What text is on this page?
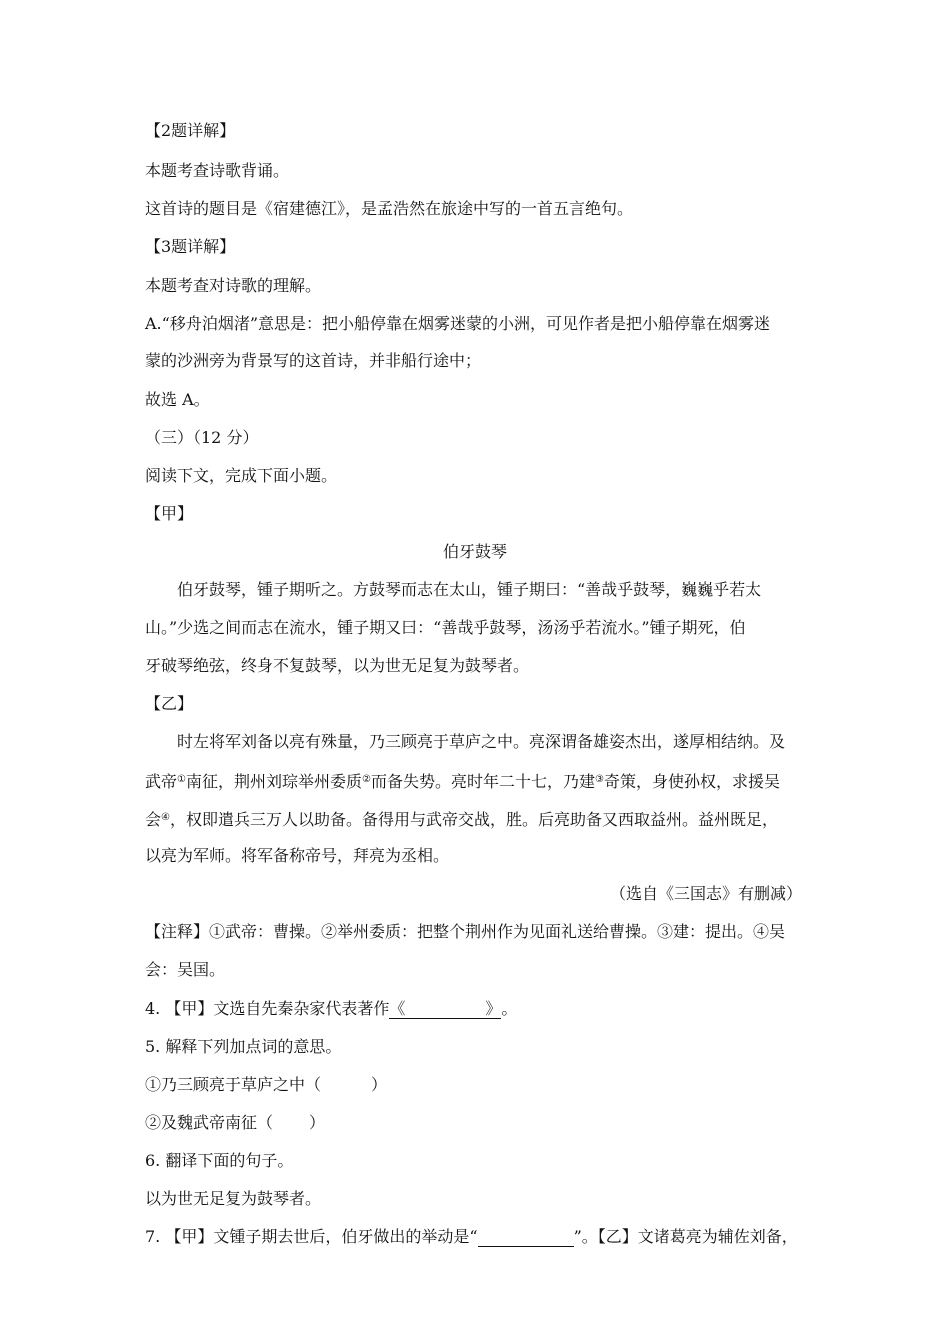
【2题详解】
本题考查诗歌背诵。
这首诗的题目是《宿建德江》，是孟浩然在旅途中写的一首五言绝句。
【3题详解】
本题考查对诗歌的理解。
A.“移舟泊烟渚”意思是：把小船停靠在烟雾迷蒙的小洲，可见作者是把小船停靠在烟雾迷
蒙的沙洲旁为背景写的这首诗，并非船行途中；
故选 A。
（三）（12 分）
阅读下文，完成下面小题。
【甲】
伯牙鼓琴
伯牙鼓琴，锺子期听之。方鼓琴而志在太山，锺子期曰：“善哉乎鼓琴，巍巍乎若太
山。”少选之间而志在流水，锺子期又曰：“善哉乎鼓琴，汤汤乎若流水。”锺子期死，伯
牙破琴绝弦，终身不复鼓琴，以为世无足复为鼓琴者。
【乙】
时左将军刘备以亮有殊量，乃三顾亮于草庐之中。亮深谓备雄姿杰出，遂厚相结纳。及
武帝①南征，荆州刘琮举州委质②而备失势。亮时年二十七，乃建③奇策，身使孙权，求援吴
会④，权即遣兵三万人以助备。备得用与武帝交战，胜。后亮助备又西取益州。益州既足，
以亮为军师。将军备称帝号，拜亮为丞相。
（选自《三国志》有删减）
【注释】①武帝：曹操。②举州委质：把整个荆州作为见面礼送给曹操。③建：提出。④吴
会：吴国。
4. 【甲】文选自先秦杂家代表著作《　　　　　》。
5. 解释下列加点词的意思。
①乃三顾亮于草庐之中（	）
②及魏武帝南征（ ）
6. 翻译下面的句子。
以为世无足复为鼓琴者。
7. 【甲】文锺子期去世后，伯牙做出的举动是“　　　　　　	”。【乙】文诸葛亮为辅佐刘备，
